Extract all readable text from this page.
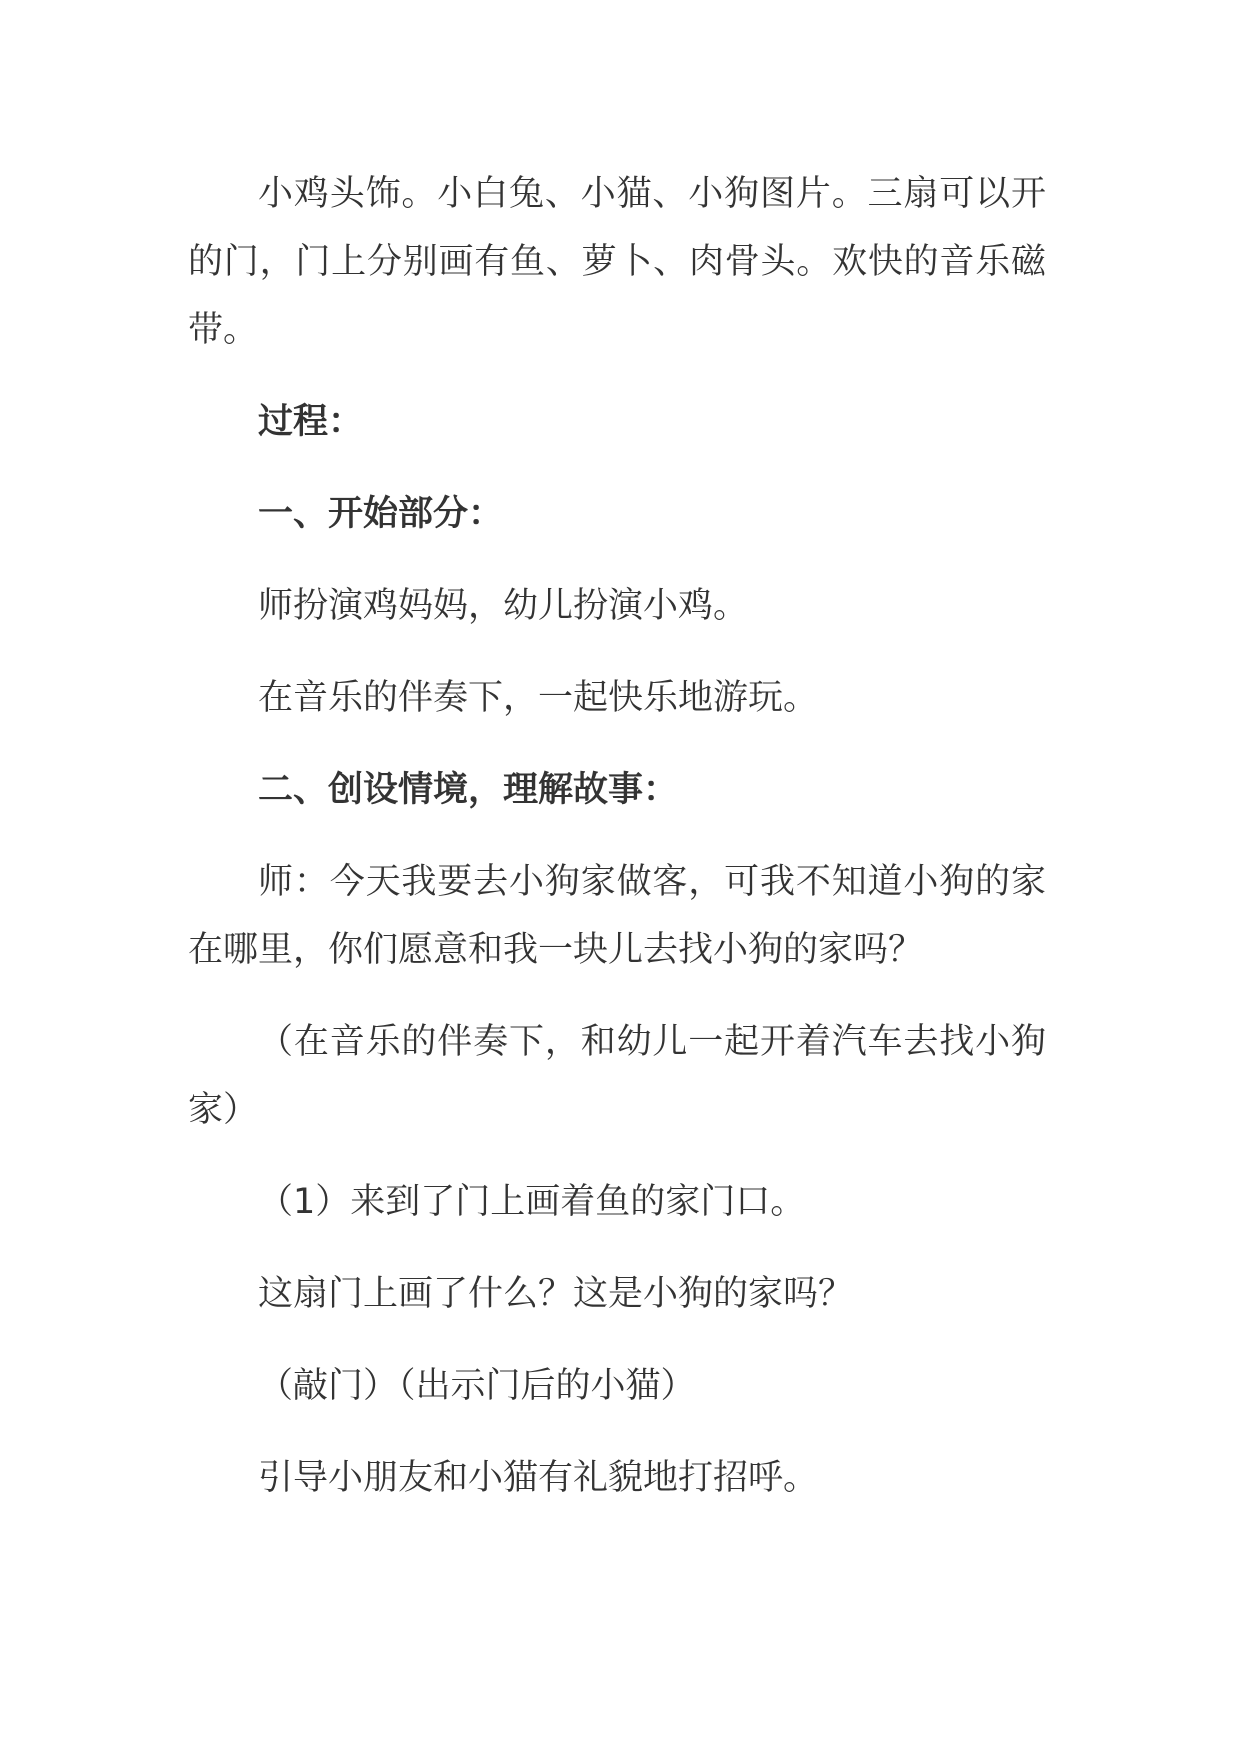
小鸡头饰。小白兔、小猫、小狗图片。三扇可以开的门，门上分别画有鱼、萝卜、肉骨头。欢快的音乐磁带。

过程：

一、开始部分：

师扮演鸡妈妈，幼儿扮演小鸡。

在音乐的伴奏下，一起快乐地游玩。

二、创设情境，理解故事：

师：今天我要去小狗家做客，可我不知道小狗的家在哪里，你们愿意和我一块儿去找小狗的家吗？

（在音乐的伴奏下，和幼儿一起开着汽车去找小狗家）

（1）来到了门上画着鱼的家门口。

这扇门上画了什么？这是小狗的家吗？

（敲门）（出示门后的小猫）

引导小朋友和小猫有礼貌地打招呼。
